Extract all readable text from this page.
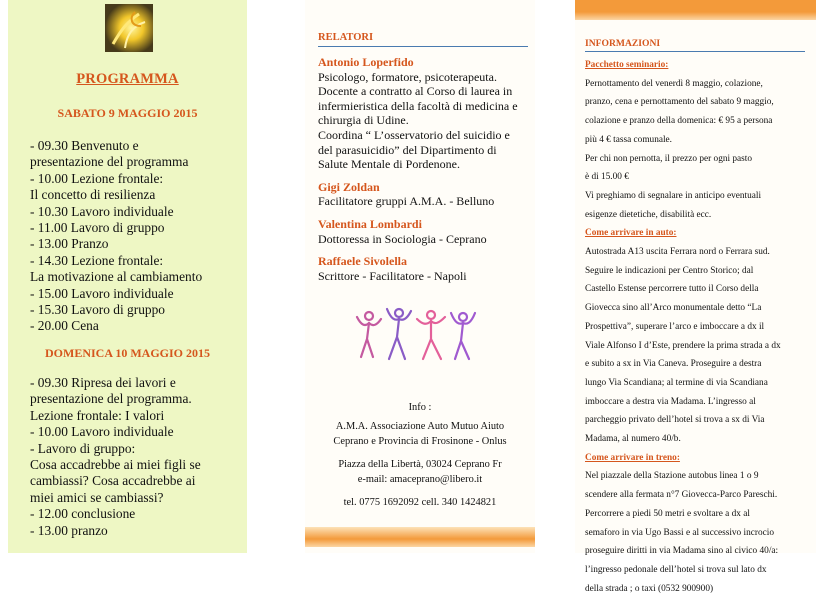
PROGRAMMA

SABATO 9 MAGGIO 2015

- 09.30 Benvenuto e
presentazione del programma
- 10.00 Lezione frontale:
Il concetto di resilienza
- 10.30 Lavoro individuale
- 11.00 Lavoro di gruppo
- 13.00 Pranzo
- 14.30 Lezione frontale:
La motivazione al cambiamento
- 15.00 Lavoro individuale
- 15.30 Lavoro di gruppo
- 20.00 Cena

DOMENICA 10 MAGGIO 2015

- 09.30 Ripresa dei lavori e
presentazione del programma.
Lezione frontale: I valori
- 10.00 Lavoro individuale
- Lavoro di gruppo:
Cosa accadrebbe ai miei figli se
cambiassi? Cosa accadrebbe ai
miei amici se cambiassi?
- 12.00 conclusione
- 13.00 pranzo

RELATORI

Antonio Loperfido
Psicologo, formatore, psicoterapeuta.
Docente a contratto al Corso di laurea in
infermieristica della facoltà di medicina e
chirurgia di Udine.
Coordina “ L’osservatorio del suicidio e
del parasuicidio” del Dipartimento di
Salute Mentale di Pordenone.
Gigi Zoldan
Facilitatore gruppi A.M.A. - Belluno
Valentina Lombardi
Dottoressa in Sociologia - Ceprano
Raffaele Sivolella
Scrittore - Facilitatore - Napoli
Info :
A.M.A. Associazione Auto Mutuo Aiuto
Ceprano e Provincia di Frosinone - Onlus
Piazza della Libertà, 03024 Ceprano Fr
e-mail: amaceprano@libero.it
tel. 0775 1692092 cell. 340 1424821

INFORMAZIONI

Pacchetto seminario:
Pernottamento del venerdì 8 maggio, colazione,
pranzo, cena e pernottamento del sabato 9 maggio,
colazione e pranzo della domenica: € 95 a persona
più 4 € tassa comunale.
Per chi non pernotta, il prezzo per ogni pasto
è di 15.00 €
Vi preghiamo di segnalare in anticipo eventuali
esigenze dietetiche, disabilità ecc.
Come arrivare in auto:
Autostrada A13 uscita Ferrara nord o Ferrara sud.
Seguire le indicazioni per Centro Storico; dal
Castello Estense percorrere tutto il Corso della
Giovecca sino all’Arco monumentale detto “La
Prospettiva”, superare l’arco e imboccare a dx il
Viale Alfonso I d’Este, prendere la prima strada a dx
e subito a sx in Via Caneva. Proseguire a destra
lungo Via Scandiana; al termine di via Scandiana
imboccare a destra via Madama. L’ingresso al
parcheggio privato dell’hotel si trova a sx di Via
Madama, al numero 40/b.
Come arrivare in treno:
Nel piazzale della Stazione autobus linea 1 o 9
scendere alla fermata n°7 Giovecca-Parco Pareschi.
Percorrere a piedi 50 metri e svoltare a dx al
semaforo in via Ugo Bassi e al successivo incrocio
proseguire diritti in via Madama sino al civico 40/a:
l’ingresso pedonale dell’hotel si trova sul lato dx
della strada ; o taxi (0532 900900)
